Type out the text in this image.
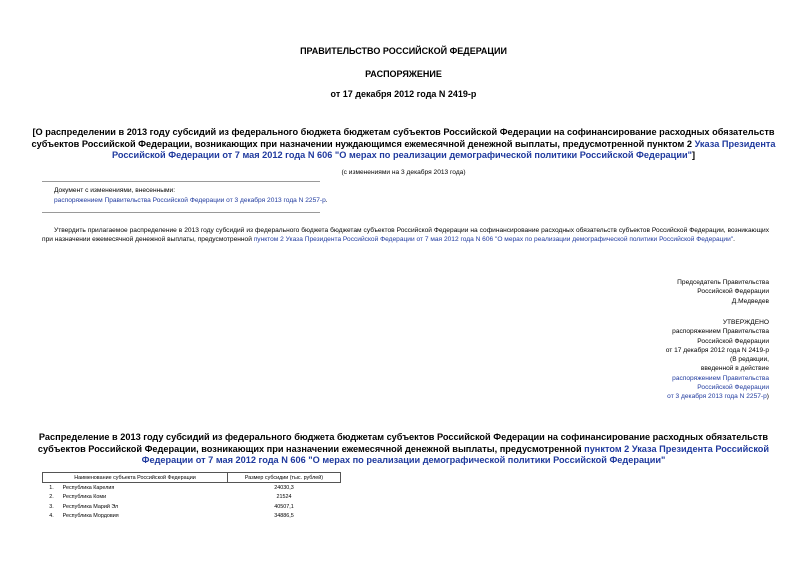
ПРАВИТЕЛЬСТВО РОССИЙСКОЙ ФЕДЕРАЦИИ
РАСПОРЯЖЕНИЕ
от 17 декабря 2012 года N 2419-р
[О распределении в 2013 году субсидий из федерального бюджета бюджетам субъектов Российской Федерации на софинансирование расходных обязательств субъектов Российской Федерации, возникающих при назначении нуждающимся ежемесячной денежной выплаты, предусмотренной пунктом 2 Указа Президента Российской Федерации от 7 мая 2012 года N 606 "О мерах по реализации демографической политики Российской Федерации"]
(с изменениями на 3 декабря 2013 года)
Документ с изменениями, внесенными:
распоряжением Правительства Российской Федерации от 3 декабря 2013 года N 2257-р.
Утвердить прилагаемое распределение в 2013 году субсидий из федерального бюджета бюджетам субъектов Российской Федерации на софинансирование расходных обязательств субъектов Российской Федерации, возникающих при назначении ежемесячной денежной выплаты, предусмотренной пунктом 2 Указа Президента Российской Федерации от 7 мая 2012 года N 606 "О мерах по реализации демографической политики Российской Федерации".
Председатель Правительства
Российской Федерации
Д.Медведев
УТВЕРЖДЕНО
распоряжением Правительства
Российской Федерации
от 17 декабря 2012 года N 2419-р
(В редакции,
введенной в действие
распоряжением Правительства
Российской Федерации
от 3 декабря 2013 года N 2257-р)
Распределение в 2013 году субсидий из федерального бюджета бюджетам субъектов Российской Федерации на софинансирование расходных обязательств субъектов Российской Федерации, возникающих при назначении ежемесячной денежной выплаты, предусмотренной пунктом 2 Указа Президента Российской Федерации от 7 мая 2012 года N 606 "О мерах по реализации демографической политики Российской Федерации"
Наименование субъекта Российской Федерации		Размер субсидии (тыс. рублей)
1.	Республика Карелия	24030,3
2.	Республика Коми	21524
3.	Республика Марий Эл	40507,1
4.	Республика Мордовия	34886,5
